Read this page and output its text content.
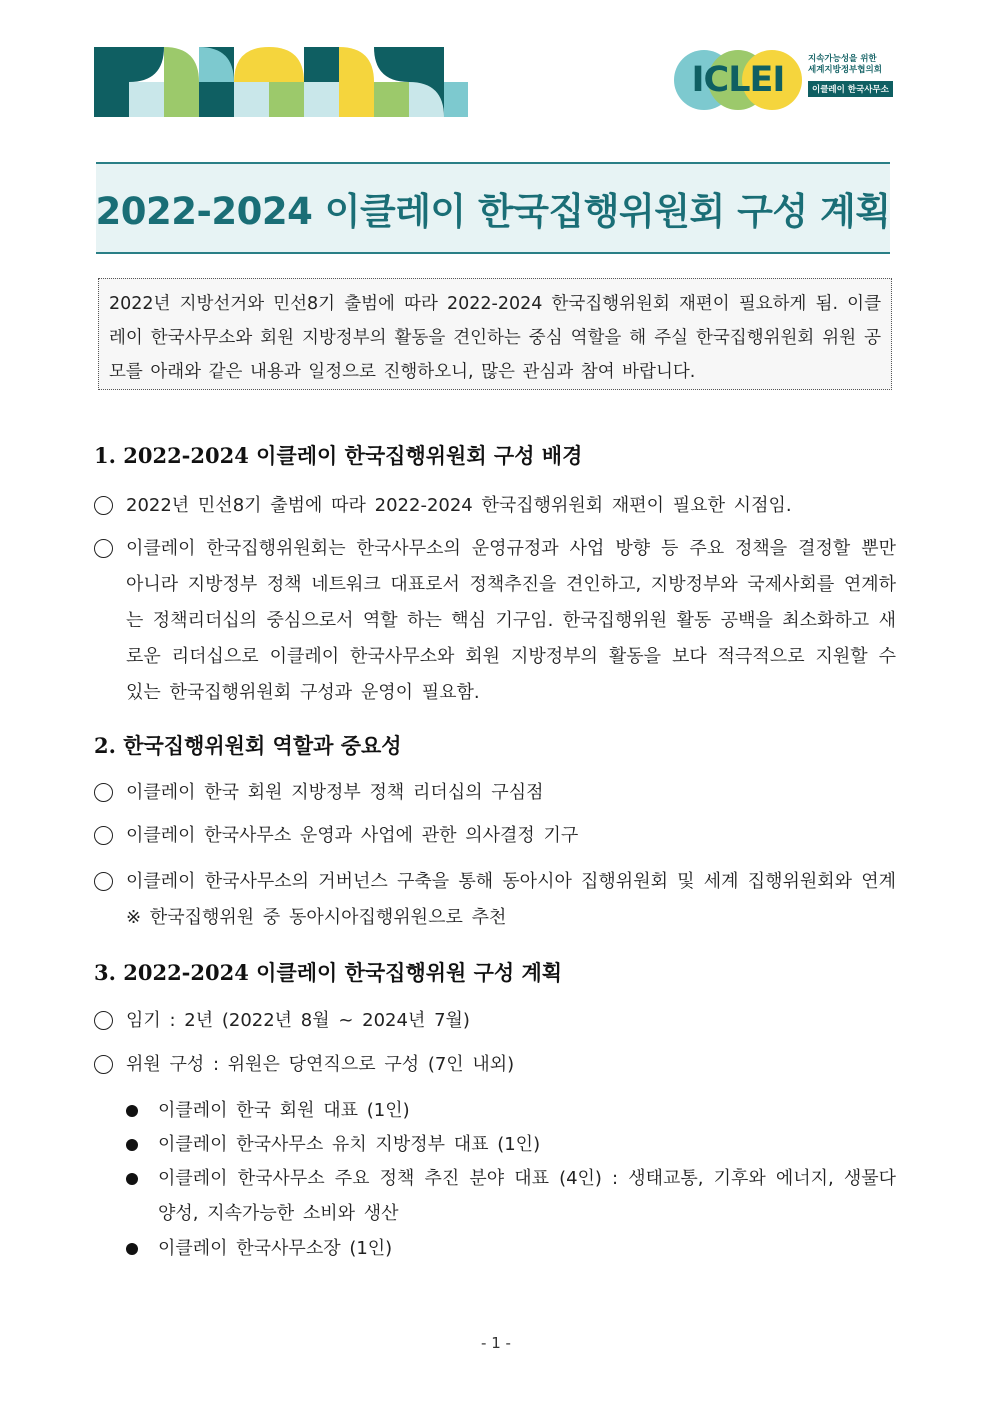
ICLEI
지속가능성을 위한
세계지방정부협의회
이클레이 한국사무소
2022-2024 이클레이 한국집행위원회 구성 계획
2022년 지방선거와 민선8기 출범에 따라 2022-2024 한국집행위원회 재편이 필요하게 됨. 이클레이 한국사무소와 회원 지방정부의 활동을 견인하는 중심 역할을 해 주실 한국집행위원회 위원 공모를 아래와 같은 내용과 일정으로 진행하오니, 많은 관심과 참여 바랍니다.
1. 2022-2024 이클레이 한국집행위원회 구성 배경
2022년 민선8기 출범에 따라 2022-2024 한국집행위원회 재편이 필요한 시점임.
이클레이 한국집행위원회는 한국사무소의 운영규정과 사업 방향 등 주요 정책을 결정할 뿐만 아니라 지방정부 정책 네트워크 대표로서 정책추진을 견인하고, 지방정부와 국제사회를 연계하는 정책리더십의 중심으로서 역할 하는 핵심 기구임. 한국집행위원 활동 공백을 최소화하고 새로운 리더십으로 이클레이 한국사무소와 회원 지방정부의 활동을 보다 적극적으로 지원할 수 있는 한국집행위원회 구성과 운영이 필요함.
2. 한국집행위원회 역할과 중요성
이클레이 한국 회원 지방정부 정책 리더십의 구심점
이클레이 한국사무소 운영과 사업에 관한 의사결정 기구
이클레이 한국사무소의 거버넌스 구축을 통해 동아시아 집행위원회 및 세계 집행위원회와 연계 ※ 한국집행위원 중 동아시아집행위원으로 추천
3. 2022-2024 이클레이 한국집행위원 구성 계획
임기 : 2년 (2022년 8월 ~ 2024년 7월)
위원 구성 : 위원은 당연직으로 구성 (7인 내외)
이클레이 한국 회원 대표 (1인)
이클레이 한국사무소 유치 지방정부 대표 (1인)
이클레이 한국사무소 주요 정책 추진 분야 대표 (4인) : 생태교통, 기후와 에너지, 생물다양성, 지속가능한 소비와 생산
이클레이 한국사무소장 (1인)
- 1 -
